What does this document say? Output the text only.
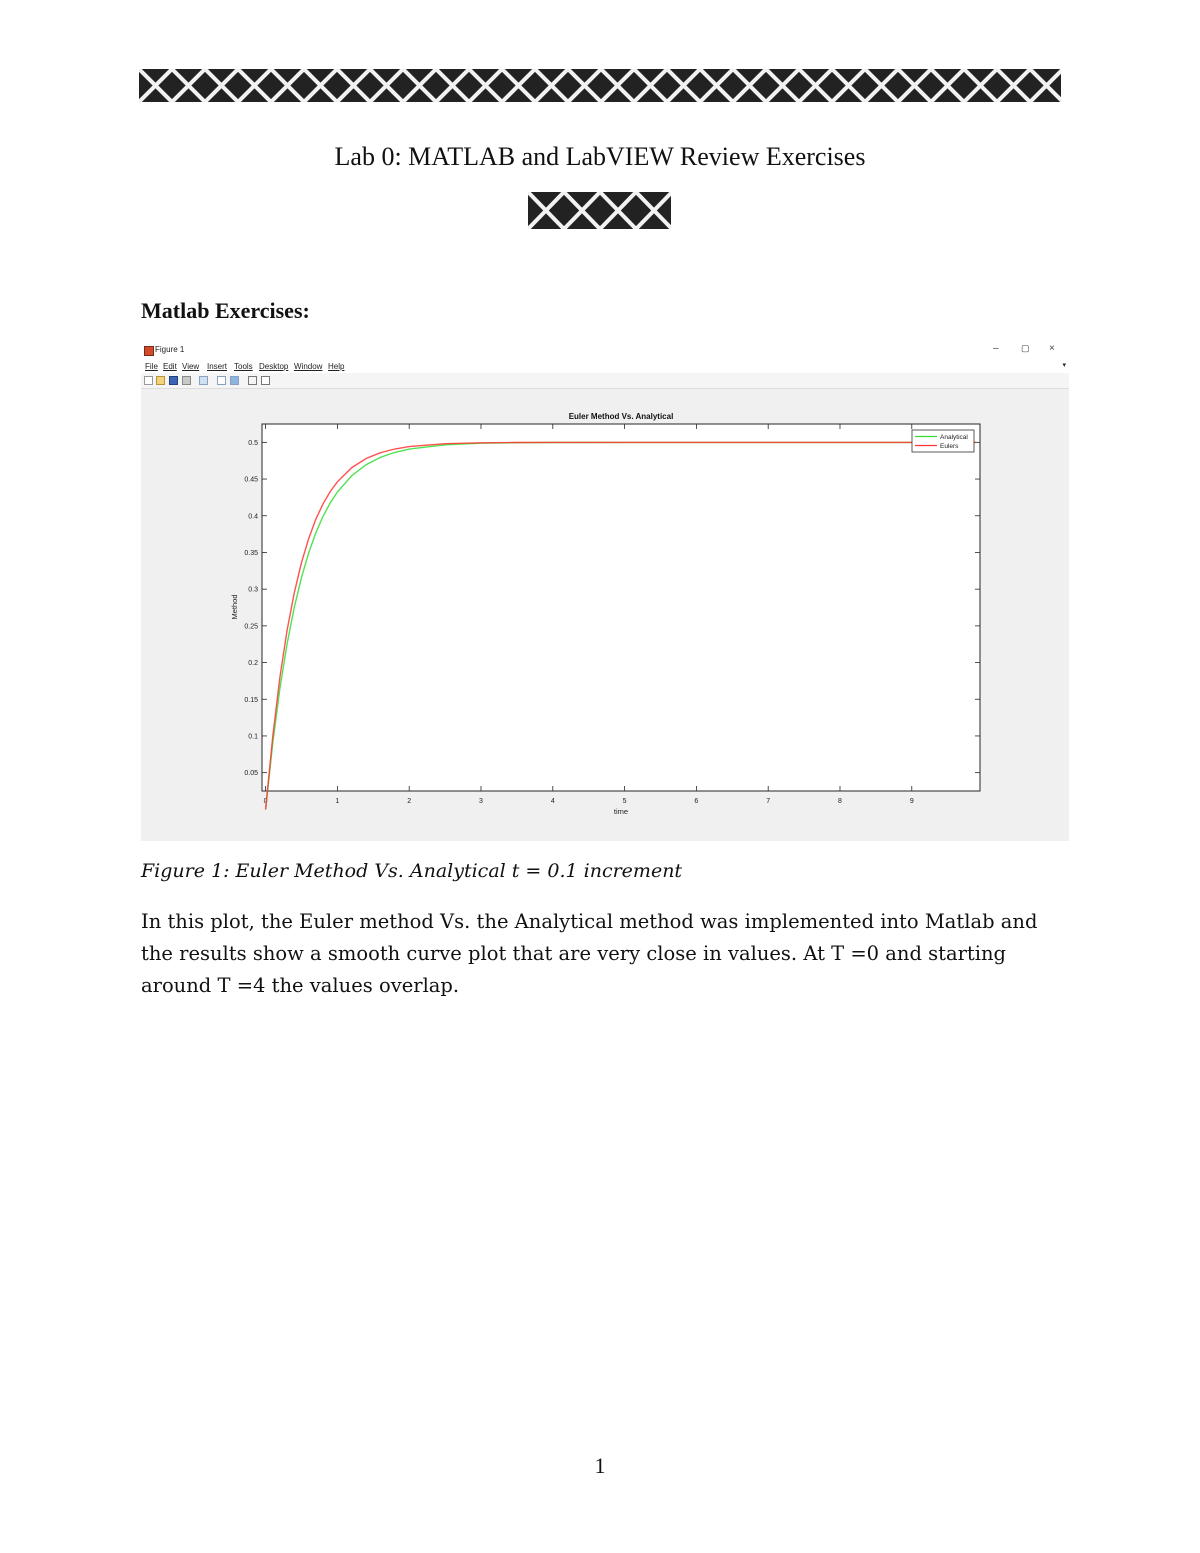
Lab 0: MATLAB and LabVIEW Review Exercises
Matlab Exercises:
Figure 1	– ▢ ×
File Edit View Insert Tools Desktop Window Help	▾
Euler Method Vs. Analytical
time
Method
0	1	2	3	4	5	6	7	8	9
0.05
0.1
0.15
0.2
0.25
0.3
0.35
0.4
0.45
0.5
Analytical
Eulers
Figure 1: Euler Method Vs. Analytical t = 0.1 increment
In this plot, the Euler method Vs. the Analytical method was implemented into Matlab and the results show a smooth curve plot that are very close in values. At T =0 and starting around T =4 the values overlap.
1
